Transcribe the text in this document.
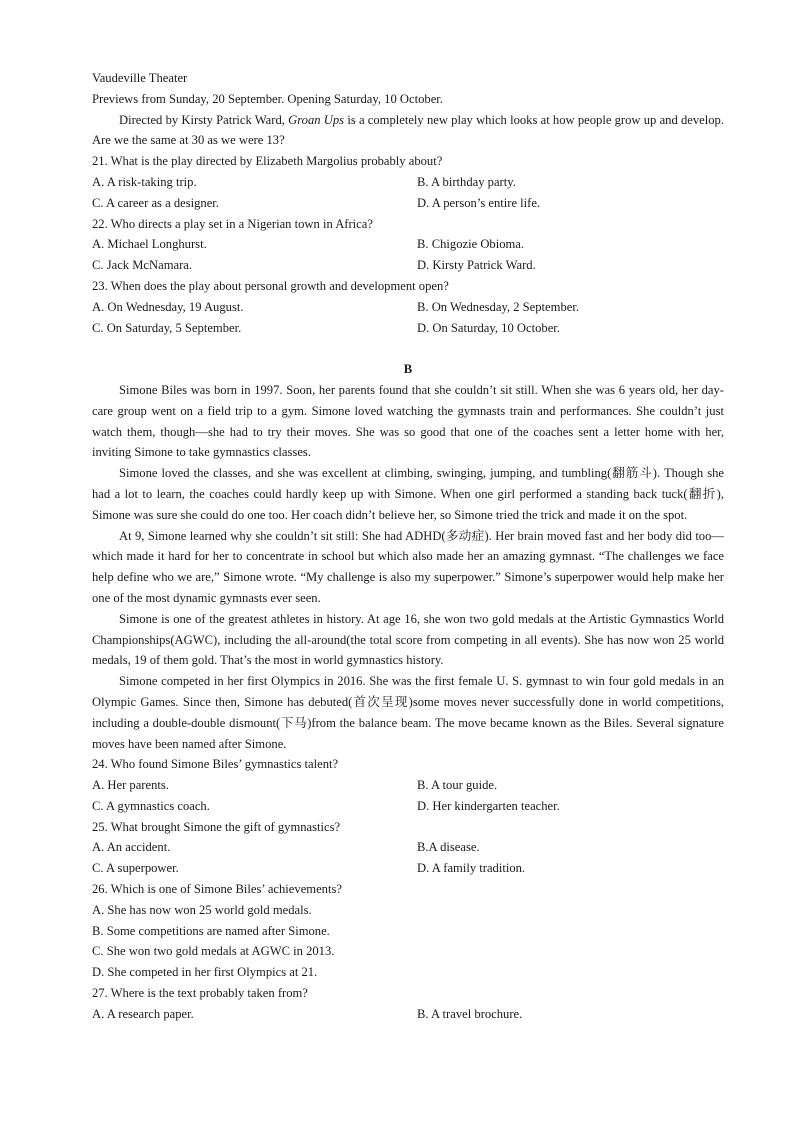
Vaudeville Theater
Previews from Sunday, 20 September. Opening Saturday, 10 October.

Directed by Kirsty Patrick Ward, Groan Ups is a completely new play which looks at how people grow up and develop. Are we the same at 30 as we were 13?

21. What is the play directed by Elizabeth Margolius probably about?
A. A risk-taking trip.	B. A birthday party.
C. A career as a designer.	D. A person’s entire life.
22. Who directs a play set in a Nigerian town in Africa?
A. Michael Longhurst.	B. Chigozie Obioma.
C. Jack McNamara.	D. Kirsty Patrick Ward.
23. When does the play about personal growth and development open?
A. On Wednesday, 19 August.	B. On Wednesday, 2 September.
C. On Saturday, 5 September.	D. On Saturday, 10 October.
B

Simone Biles was born in 1997. Soon, her parents found that she couldn’t sit still. When she was 6 years old, her day-care group went on a field trip to a gym. Simone loved watching the gymnasts train and performances. She couldn’t just watch them, though—she had to try their moves. She was so good that one of the coaches sent a letter home with her, inviting Simone to take gymnastics classes.

Simone loved the classes, and she was excellent at climbing, swinging, jumping, and tumbling(翻筋斗). Though she had a lot to learn, the coaches could hardly keep up with Simone. When one girl performed a standing back tuck(翻折), Simone was sure she could do one too. Her coach didn’t believe her, so Simone tried the trick and made it on the spot.

At 9, Simone learned why she couldn’t sit still: She had ADHD(多动症). Her brain moved fast and her body did too—which made it hard for her to concentrate in school but which also made her an amazing gymnast. “The challenges we face help define who we are,” Simone wrote. “My challenge is also my superpower.” Simone’s superpower would help make her one of the most dynamic gymnasts ever seen.

Simone is one of the greatest athletes in history. At age 16, she won two gold medals at the Artistic Gymnastics World Championships(AGWC), including the all-around(the total score from competing in all events). She has now won 25 world medals, 19 of them gold. That’s the most in world gymnastics history.

Simone competed in her first Olympics in 2016. She was the first female U. S. gymnast to win four gold medals in an Olympic Games. Since then, Simone has debuted(首次呈现)some moves never successfully done in world competitions, including a double-double dismount(下马)from the balance beam. The move became known as the Biles. Several signature moves have been named after Simone.

24. Who found Simone Biles’ gymnastics talent?
A. Her parents.	B. A tour guide.
C. A gymnastics coach.	D. Her kindergarten teacher.
25. What brought Simone the gift of gymnastics?
A. An accident.	B.A disease.
C. A superpower.	D. A family tradition.
26. Which is one of Simone Biles’ achievements?
A. She has now won 25 world gold medals.
B. Some competitions are named after Simone.
C. She won two gold medals at AGWC in 2013.
D. She competed in her first Olympics at 21.
27. Where is the text probably taken from?
A. A research paper.	B. A travel brochure.
